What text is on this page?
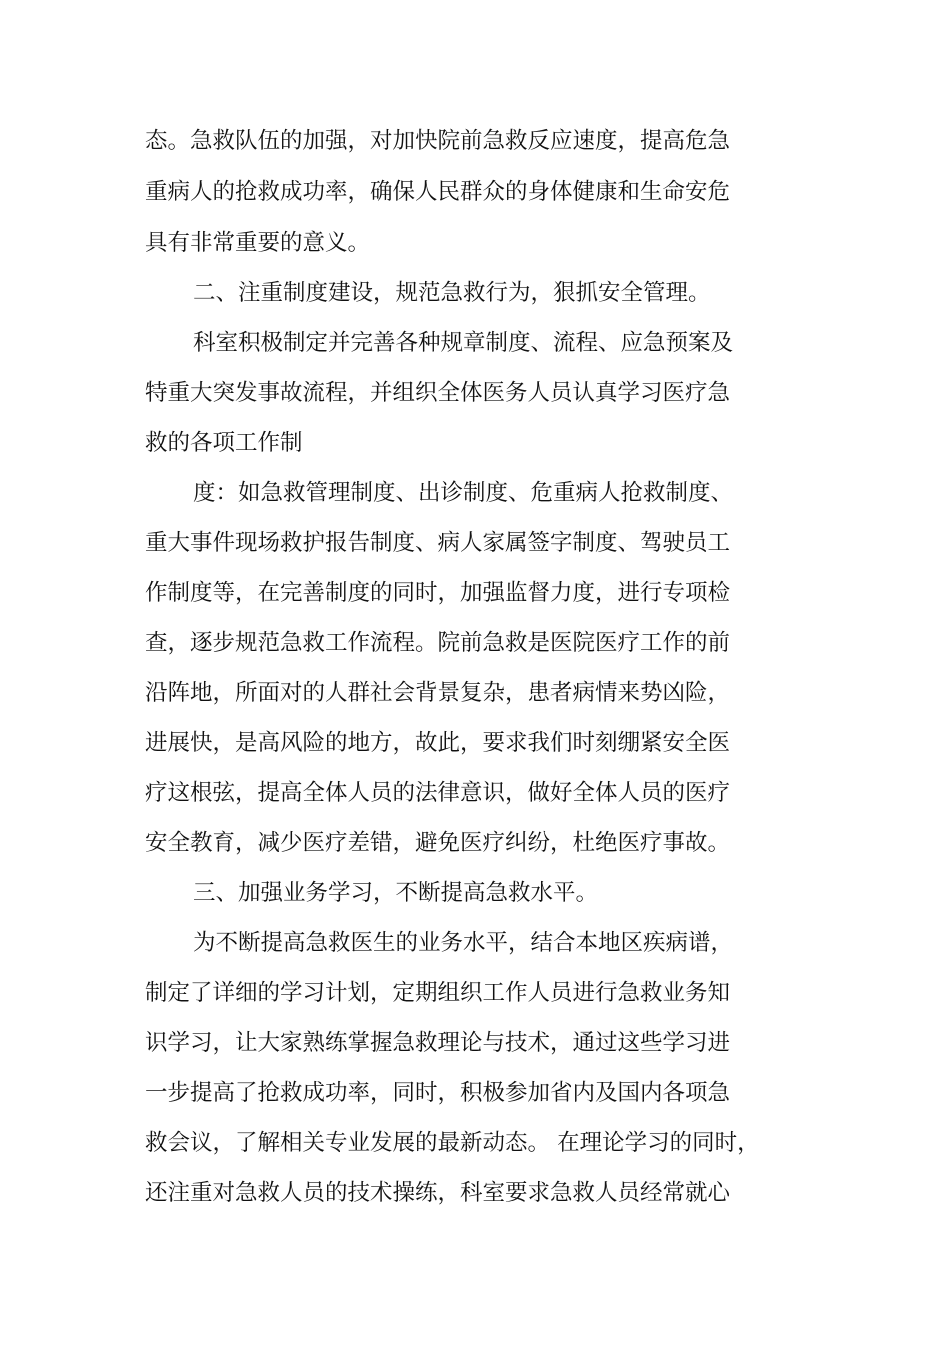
态。急救队伍的加强，对加快院前急救反应速度，提高危急
重病人的抢救成功率，确保人民群众的身体健康和生命安危
具有非常重要的意义。
二、注重制度建设，规范急救行为，狠抓安全管理。
科室积极制定并完善各种规章制度、流程、应急预案及
特重大突发事故流程，并组织全体医务人员认真学习医疗急
救的各项工作制
度：如急救管理制度、出诊制度、危重病人抢救制度、
重大事件现场救护报告制度、病人家属签字制度、驾驶员工
作制度等，在完善制度的同时，加强监督力度，进行专项检
查，逐步规范急救工作流程。院前急救是医院医疗工作的前
沿阵地，所面对的人群社会背景复杂，患者病情来势凶险，
进展快，是高风险的地方，故此，要求我们时刻绷紧安全医
疗这根弦，提高全体人员的法律意识，做好全体人员的医疗
安全教育，减少医疗差错，避免医疗纠纷，杜绝医疗事故。
三、加强业务学习，不断提高急救水平。
为不断提高急救医生的业务水平，结合本地区疾病谱，
制定了详细的学习计划，定期组织工作人员进行急救业务知
识学习，让大家熟练掌握急救理论与技术，通过这些学习进
一步提高了抢救成功率，同时，积极参加省内及国内各项急
救会议，了解相关专业发展的最新动态。 在理论学习的同时，
还注重对急救人员的技术操练，科室要求急救人员经常就心
